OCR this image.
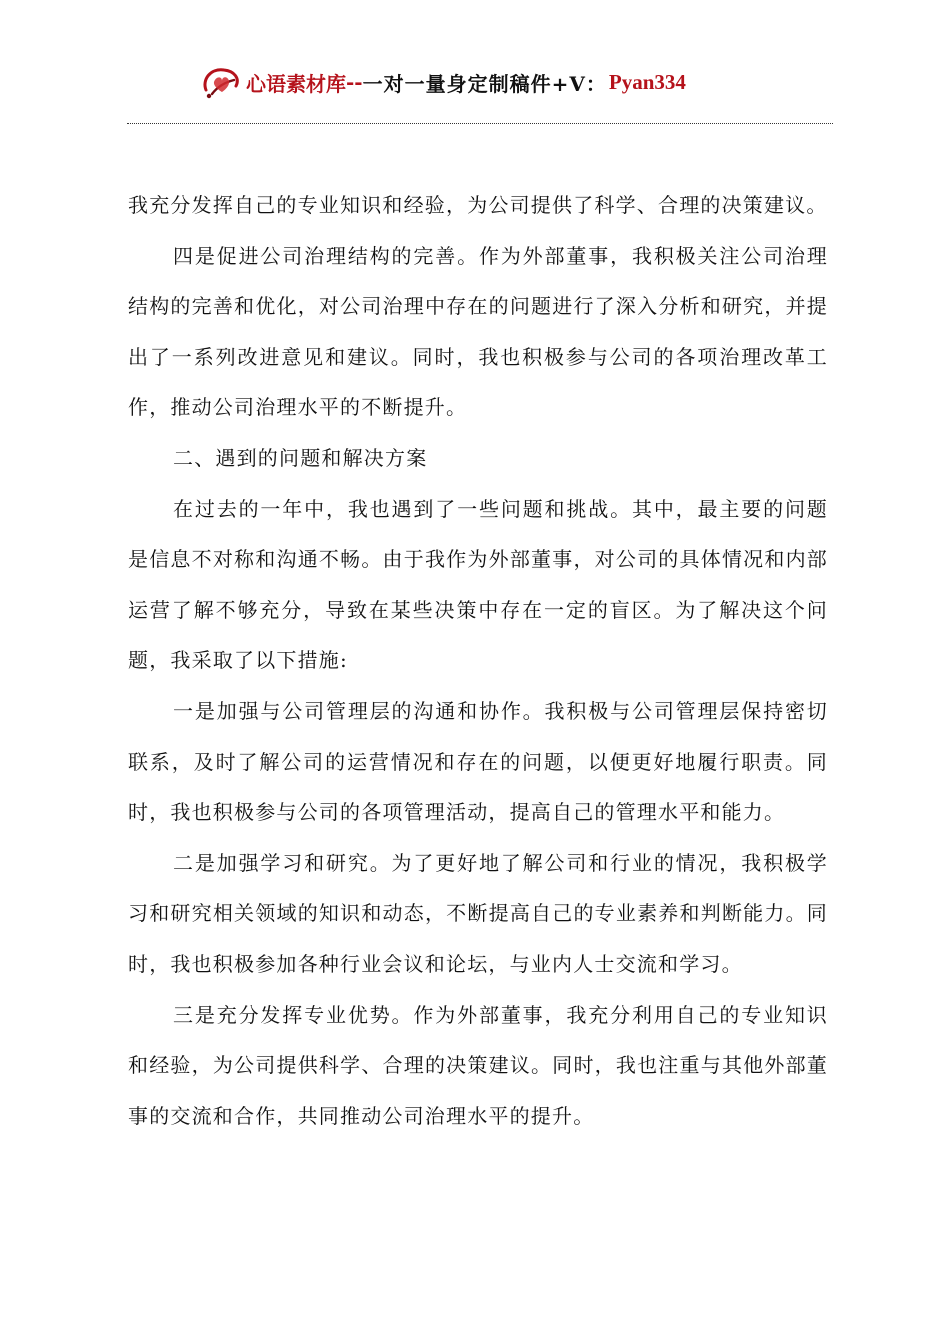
心语素材库 -- 一对一量身定制稿件+V： Pyan334

我充分发挥自己的专业知识和经验，为公司提供了科学、合理的决策建议。

四是促进公司治理结构的完善。作为外部董事，我积极关注公司治理结构的完善和优化，对公司治理中存在的问题进行了深入分析和研究，并提出了一系列改进意见和建议。同时，我也积极参与公司的各项治理改革工作，推动公司治理水平的不断提升。

二、遇到的问题和解决方案

在过去的一年中，我也遇到了一些问题和挑战。其中，最主要的问题是信息不对称和沟通不畅。由于我作为外部董事，对公司的具体情况和内部运营了解不够充分，导致在某些决策中存在一定的盲区。为了解决这个问题，我采取了以下措施:

一是加强与公司管理层的沟通和协作。我积极与公司管理层保持密切联系，及时了解公司的运营情况和存在的问题，以便更好地履行职责。同时，我也积极参与公司的各项管理活动，提高自己的管理水平和能力。

二是加强学习和研究。为了更好地了解公司和行业的情况，我积极学习和研究相关领域的知识和动态，不断提高自己的专业素养和判断能力。同时，我也积极参加各种行业会议和论坛，与业内人士交流和学习。

三是充分发挥专业优势。作为外部董事，我充分利用自己的专业知识和经验，为公司提供科学、合理的决策建议。同时，我也注重与其他外部董事的交流和合作，共同推动公司治理水平的提升。
